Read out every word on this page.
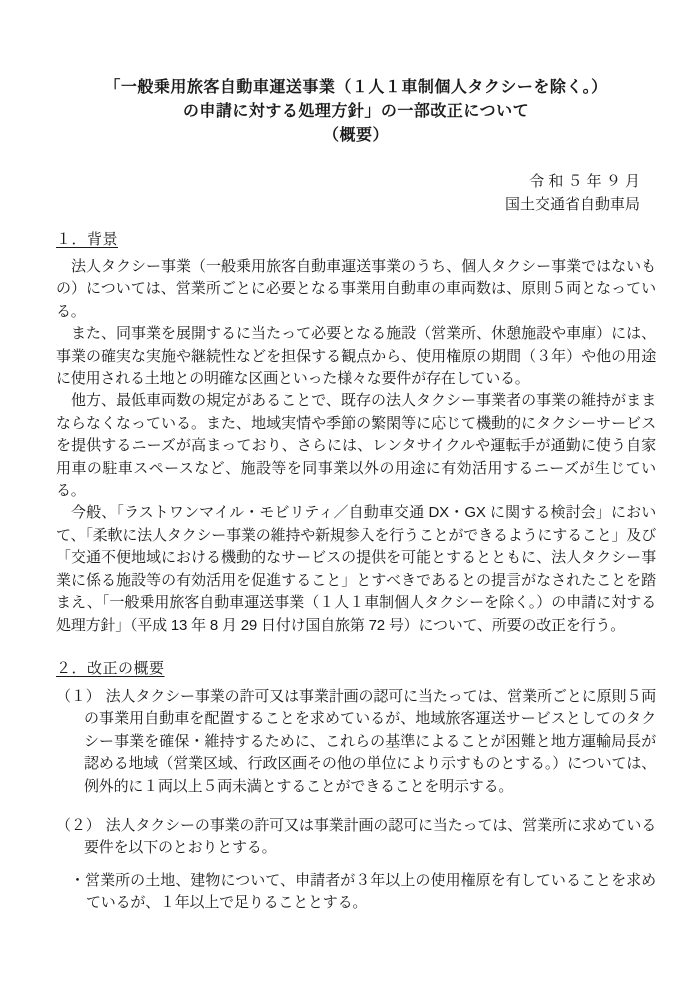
「一般乗用旅客自動車運送事業（１人１車制個人タクシーを除く。）
の申請に対する処理方針」の一部改正について
（概要）
令 和 ５ 年 ９ 月
国土交通省自動車局
１．背景

法人タクシー事業（一般乗用旅客自動車運送事業のうち、個人タクシー事業ではないもの）については、営業所ごとに必要となる事業用自動車の車両数は、原則５両となっている。

また、同事業を展開するに当たって必要となる施設（営業所、休憩施設や車庫）には、事業の確実な実施や継続性などを担保する観点から、使用権原の期間（３年）や他の用途に使用される土地との明確な区画といった様々な要件が存在している。

他方、最低車両数の規定があることで、既存の法人タクシー事業者の事業の維持がままならなくなっている。また、地域実情や季節の繁閑等に応じて機動的にタクシーサービスを提供するニーズが高まっており、さらには、レンタサイクルや運転手が通勤に使う自家用車の駐車スペースなど、施設等を同事業以外の用途に有効活用するニーズが生じている。

今般、「ラストワンマイル・モビリティ／自動車交通 DX・GX に関する検討会」において、「柔軟に法人タクシー事業の維持や新規参入を行うことができるようにすること」及び「交通不便地域における機動的なサービスの提供を可能とするとともに、法人タクシー事業に係る施設等の有効活用を促進すること」とすべきであるとの提言がなされたことを踏まえ、「一般乗用旅客自動車運送事業（１人１車制個人タクシーを除く。）の申請に対する処理方針」（平成 13 年 8 月 29 日付け国自旅第 72 号）について、所要の改正を行う。

２．改正の概要
（１） 法人タクシー事業の許可又は事業計画の認可に当たっては、営業所ごとに原則５両の事業用自動車を配置することを求めているが、地域旅客運送サービスとしてのタクシー事業を確保・維持するために、これらの基準によることが困難と地方運輸局長が認める地域（営業区域、行政区画その他の単位により示すものとする。）については、例外的に１両以上５両未満とすることができることを明示する。
（２） 法人タクシーの事業の許可又は事業計画の認可に当たっては、営業所に求めている要件を以下のとおりとする。
・営業所の土地、建物について、申請者が３年以上の使用権原を有していることを求めているが、１年以上で足りることとする。
